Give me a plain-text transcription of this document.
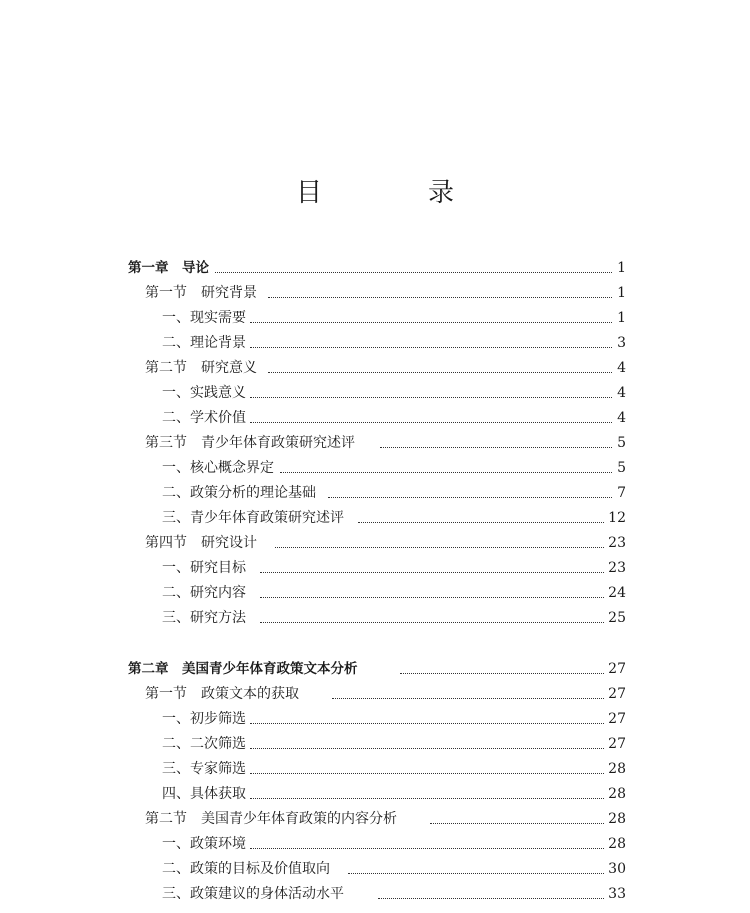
目　录
第一章　导论	1
第一节　研究背景	1
一、现实需要	1
二、理论背景	3
第二节　研究意义	4
一、实践意义	4
二、学术价值	4
第三节　青少年体育政策研究述评	5
一、核心概念界定	5
二、政策分析的理论基础	7
三、青少年体育政策研究述评	12
第四节　研究设计	23
一、研究目标	23
二、研究内容	24
三、研究方法	25
第二章　美国青少年体育政策文本分析	27
第一节　政策文本的获取	27
一、初步筛选	27
二、二次筛选	27
三、专家筛选	28
四、具体获取	28
第二节　美国青少年体育政策的内容分析	28
一、政策环境	28
二、政策的目标及价值取向	30
三、政策建议的身体活动水平	33
